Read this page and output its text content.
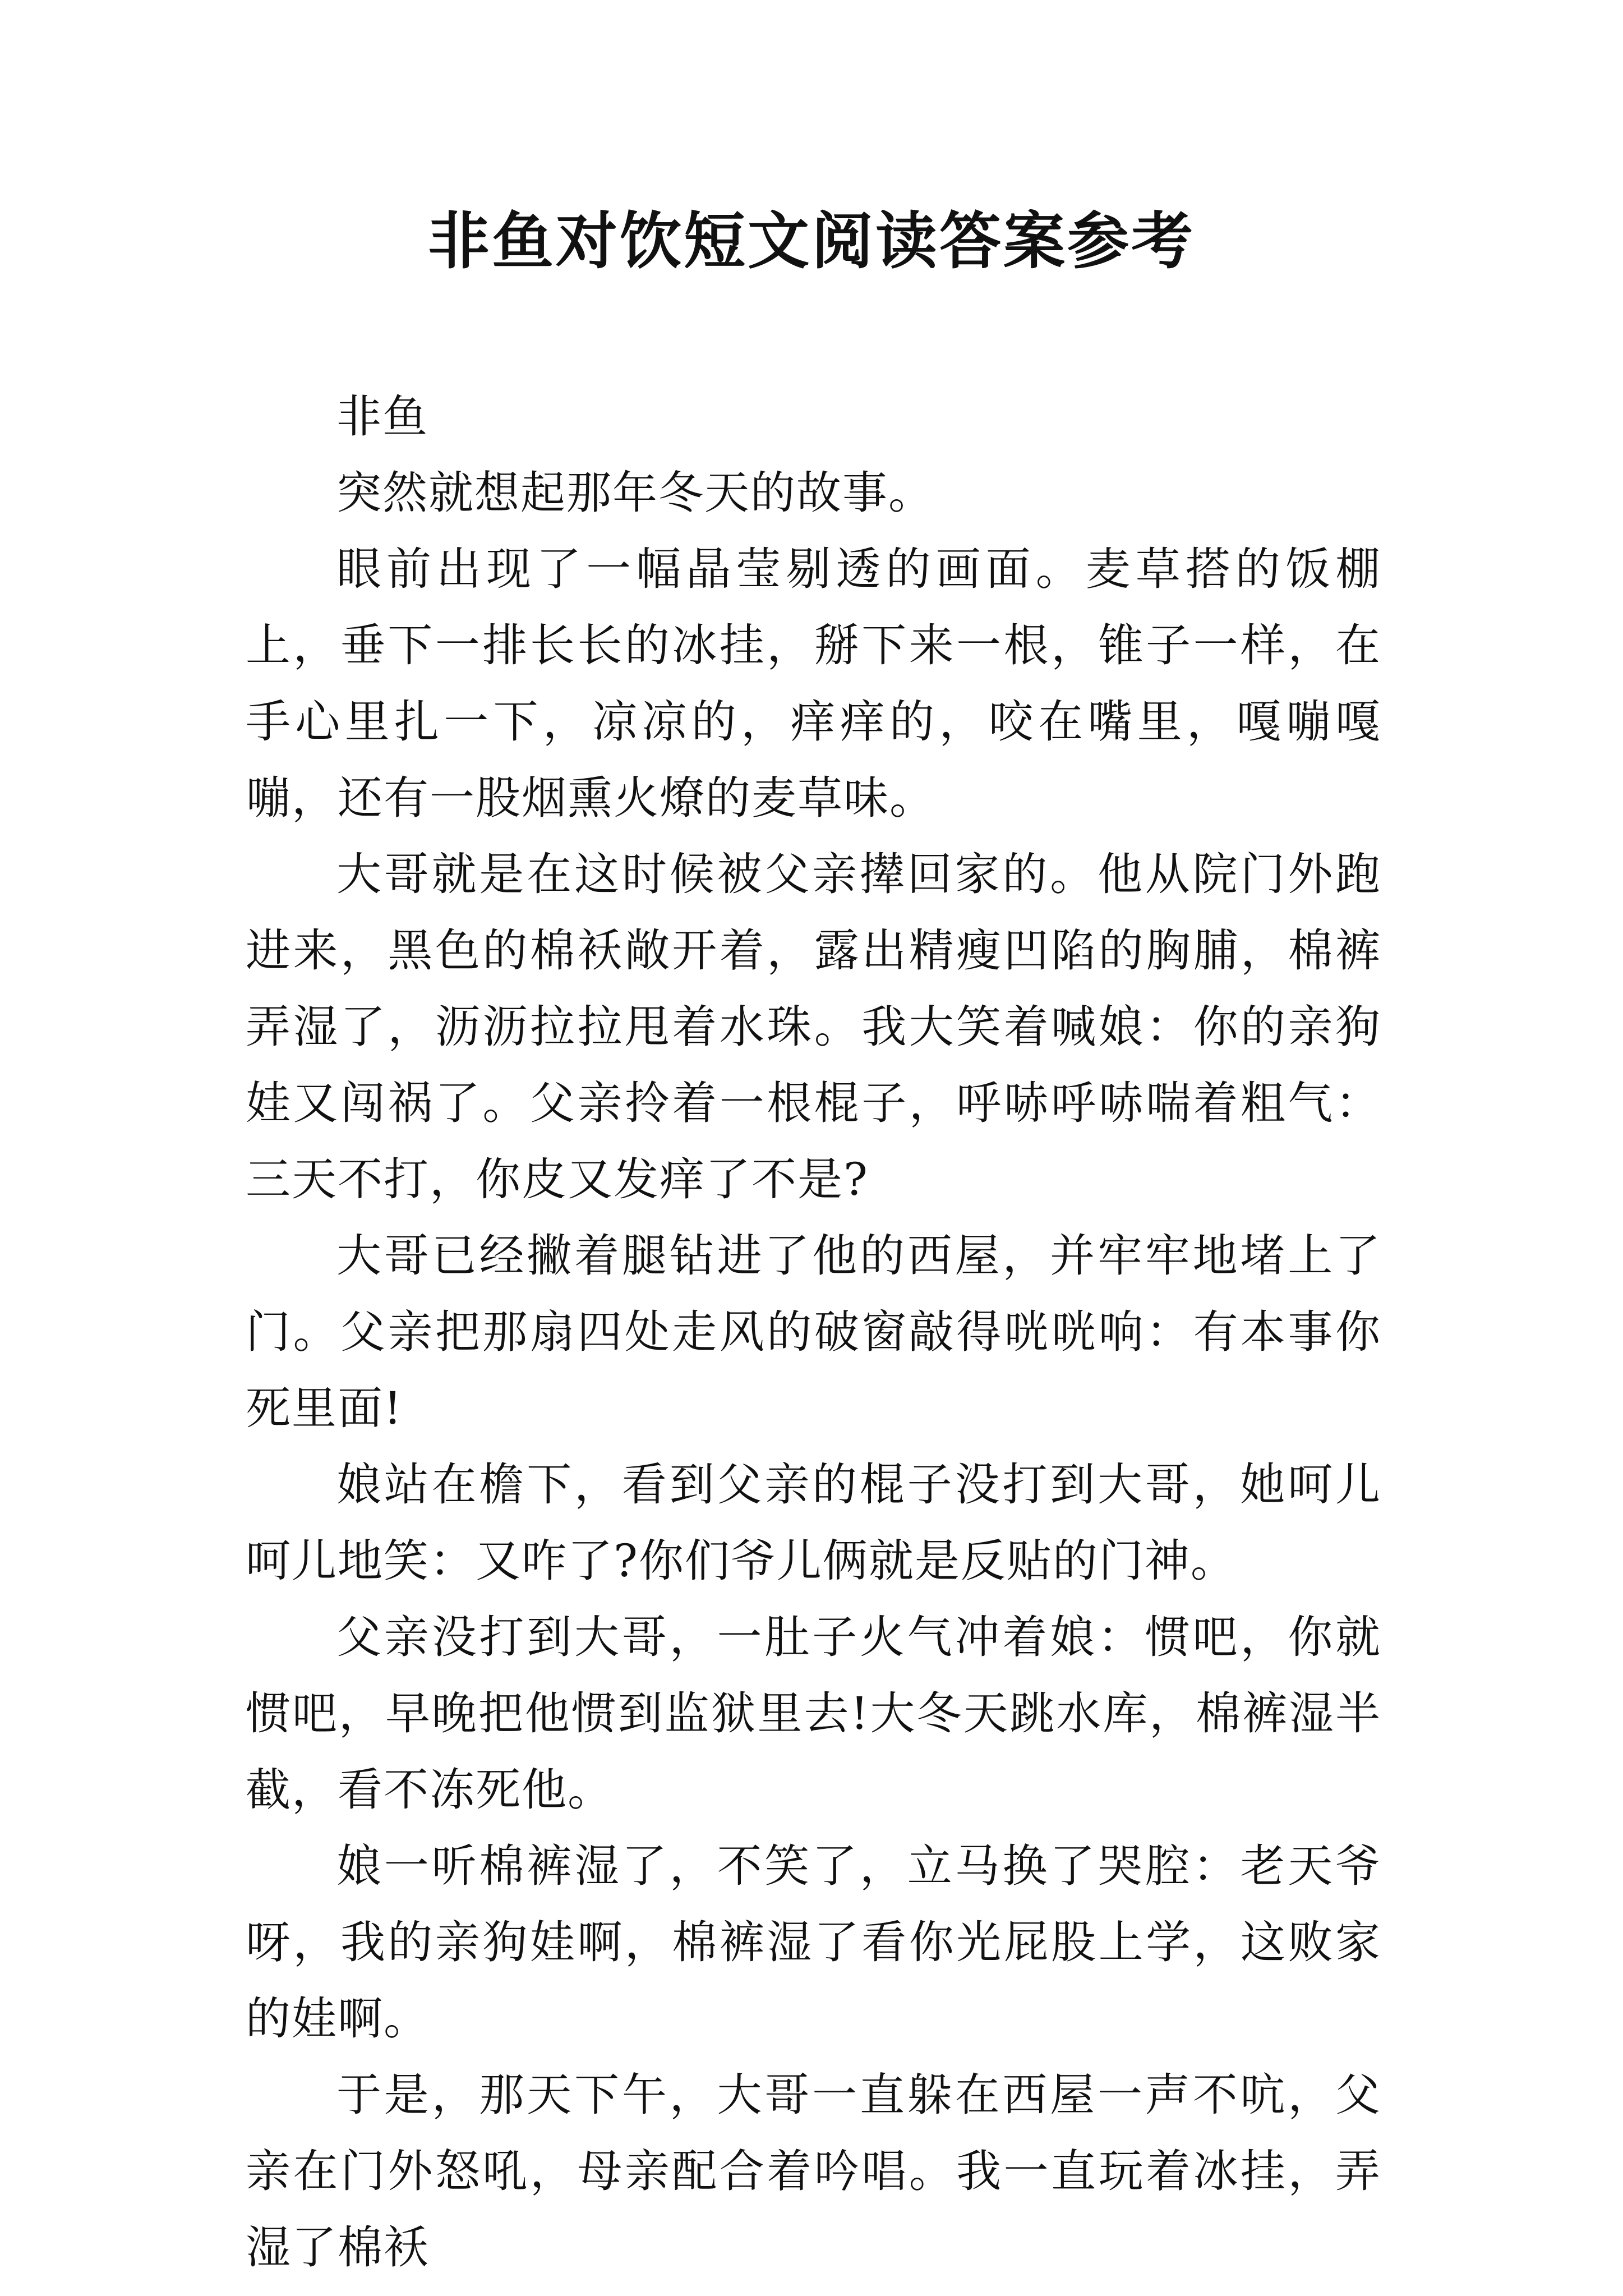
非鱼对饮短文阅读答案参考

非鱼

突然就想起那年冬天的故事。

眼前出现了一幅晶莹剔透的画面。麦草搭的饭棚上，垂下一排长长的冰挂，掰下来一根，锥子一样，在手心里扎一下，凉凉的，痒痒的，咬在嘴里，嘎嘣嘎嘣，还有一股烟熏火燎的麦草味。

大哥就是在这时候被父亲撵回家的。他从院门外跑进来，黑色的棉袄敞开着，露出精瘦凹陷的胸脯，棉裤弄湿了，沥沥拉拉甩着水珠。我大笑着喊娘：你的亲狗娃又闯祸了。父亲拎着一根棍子，呼哧呼哧喘着粗气：三天不打，你皮又发痒了不是?

大哥已经撇着腿钻进了他的西屋，并牢牢地堵上了门。父亲把那扇四处走风的破窗敲得咣咣响：有本事你死里面!

娘站在檐下，看到父亲的棍子没打到大哥，她呵儿呵儿地笑：又咋了?你们爷儿俩就是反贴的门神。

父亲没打到大哥，一肚子火气冲着娘：惯吧，你就惯吧，早晚把他惯到监狱里去!大冬天跳水库，棉裤湿半截，看不冻死他。

娘一听棉裤湿了，不笑了，立马换了哭腔：老天爷呀，我的亲狗娃啊，棉裤湿了看你光屁股上学，这败家的娃啊。

于是，那天下午，大哥一直躲在西屋一声不吭，父亲在门外怒吼，母亲配合着吟唱。我一直玩着冰挂，弄湿了棉袄
